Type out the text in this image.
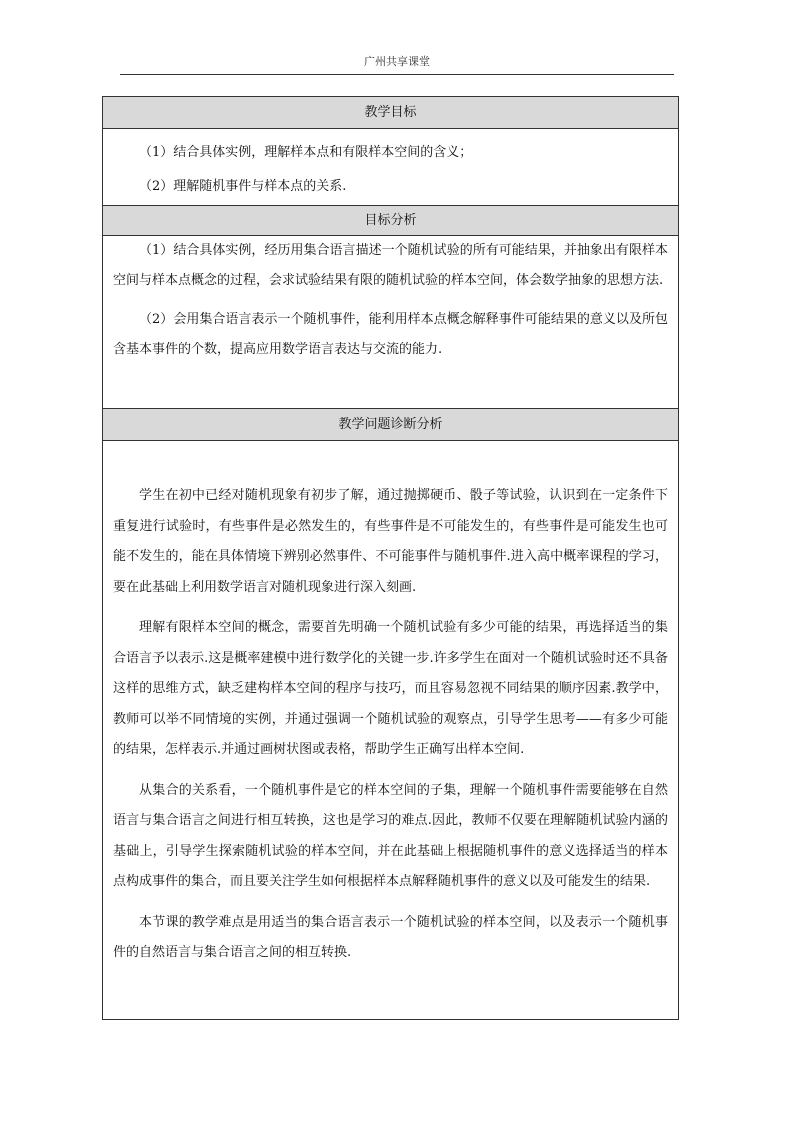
广州共享课堂
教学目标

（1）结合具体实例，理解样本点和有限样本空间的含义；

（2）理解随机事件与样本点的关系.

目标分析

（1）结合具体实例，经历用集合语言描述一个随机试验的所有可能结果，并抽象出有限样本空间与样本点概念的过程，会求试验结果有限的随机试验的样本空间，体会数学抽象的思想方法.

（2）会用集合语言表示一个随机事件，能利用样本点概念解释事件可能结果的意义以及所包含基本事件的个数，提高应用数学语言表达与交流的能力.

教学问题诊断分析

学生在初中已经对随机现象有初步了解，通过抛掷硬币、骰子等试验，认识到在一定条件下重复进行试验时，有些事件是必然发生的，有些事件是不可能发生的，有些事件是可能发生也可能不发生的，能在具体情境下辨别必然事件、不可能事件与随机事件.进入高中概率课程的学习，要在此基础上利用数学语言对随机现象进行深入刻画.

理解有限样本空间的概念，需要首先明确一个随机试验有多少可能的结果，再选择适当的集合语言予以表示.这是概率建模中进行数学化的关键一步.许多学生在面对一个随机试验时还不具备这样的思维方式，缺乏建构样本空间的程序与技巧，而且容易忽视不同结果的顺序因素.教学中，教师可以举不同情境的实例，并通过强调一个随机试验的观察点，引导学生思考——有多少可能的结果，怎样表示.并通过画树状图或表格，帮助学生正确写出样本空间.

从集合的关系看，一个随机事件是它的样本空间的子集，理解一个随机事件需要能够在自然语言与集合语言之间进行相互转换，这也是学习的难点.因此，教师不仅要在理解随机试验内涵的基础上，引导学生探索随机试验的样本空间，并在此基础上根据随机事件的意义选择适当的样本点构成事件的集合，而且要关注学生如何根据样本点解释随机事件的意义以及可能发生的结果.

本节课的教学难点是用适当的集合语言表示一个随机试验的样本空间，以及表示一个随机事件的自然语言与集合语言之间的相互转换.
